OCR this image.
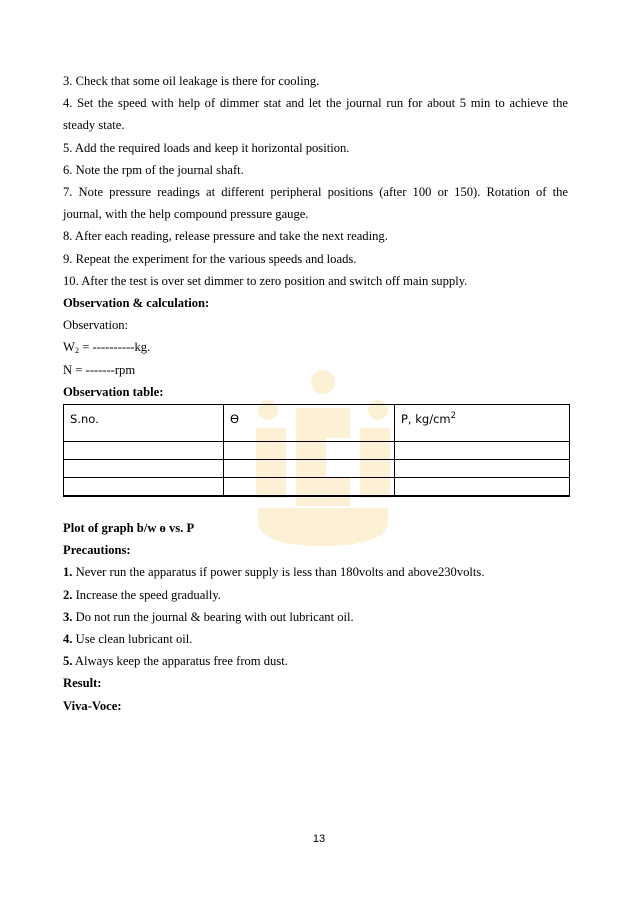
3. Check that some oil leakage is there for cooling.

4. Set the speed with help of dimmer stat and let the journal run for about 5 min to achieve the steady state.

5. Add the required loads and keep it horizontal position.

6. Note the rpm of the journal shaft.

7. Note pressure readings at different peripheral positions (after 100 or 150). Rotation of the journal, with the help compound pressure gauge.

8. After each reading, release pressure and take the next reading.

9. Repeat the experiment for the various speeds and loads.

10. After the test is over set dimmer to zero position and switch off main supply.

Observation & calculation:

Observation:

$W_2 = ----------kg$.

N = -------rpm

Observation table:

S.no.	Ө	P, $kg/cm^2$

Plot of graph b/w ө vs. P

Precautions:

1. Never run the apparatus if power supply is less than 180volts and above230volts.

2. Increase the speed gradually.

3. Do not run the journal & bearing with out lubricant oil.

4. Use clean lubricant oil.

5. Always keep the apparatus free from dust.

Result:

Viva-Voce:

13
